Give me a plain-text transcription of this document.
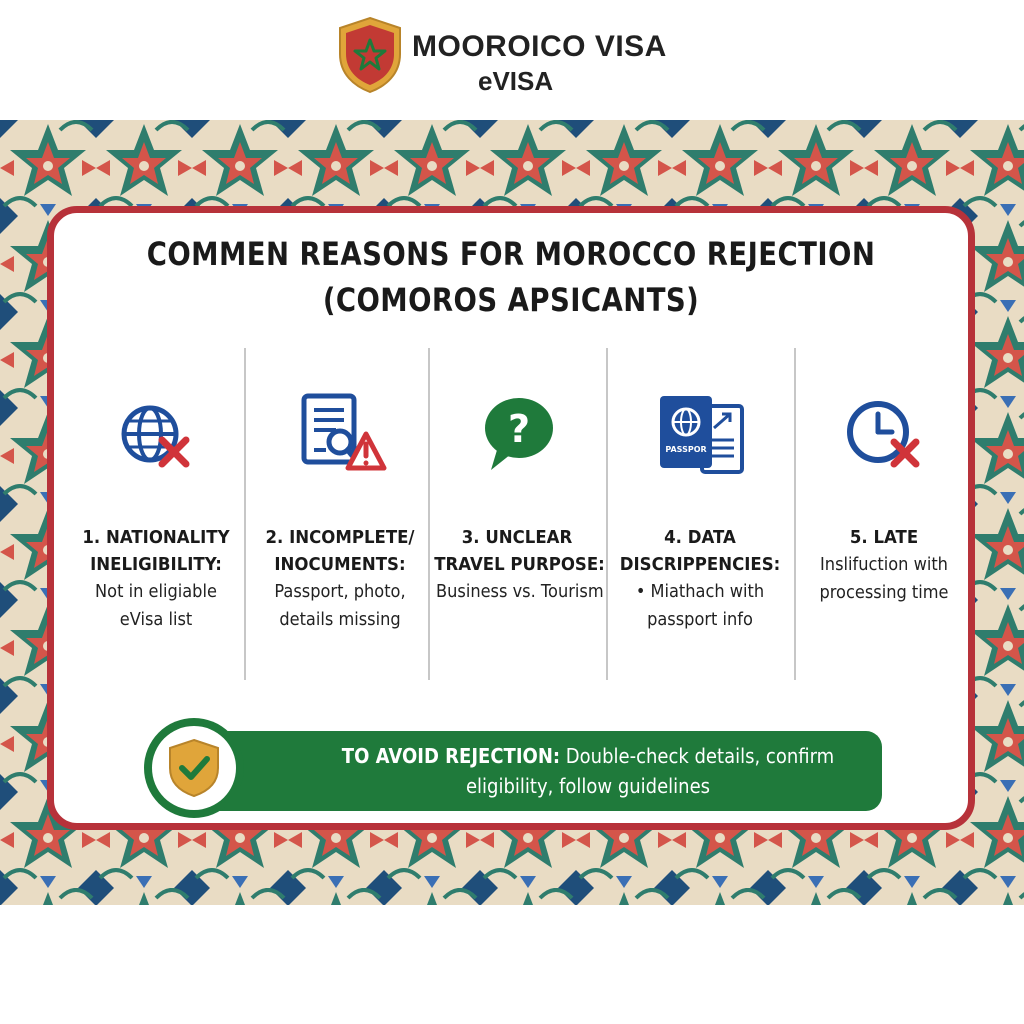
MOOROICO VISA
eVISA
COMMEN REASONS FOR MOROCCO REJECTION
(COMOROS APSICANTS)
1. NATIONALITY
INELIGIBILITY:
Not in eligiable
eVisa list
2. INCOMPLETE/
INOCUMENTS:
Passport, photo,
details missing
?
3. UNCLEAR
TRAVEL PURPOSE:
Business vs. Tourism
PASSPOR
4. DATA
DISCRIPPENCIES:
• Miathach with
passport info
5. LATE
Inslifuction with
processing time
TO AVOID REJECTION: Double-check details, confirm
eligibility, follow guidelines
